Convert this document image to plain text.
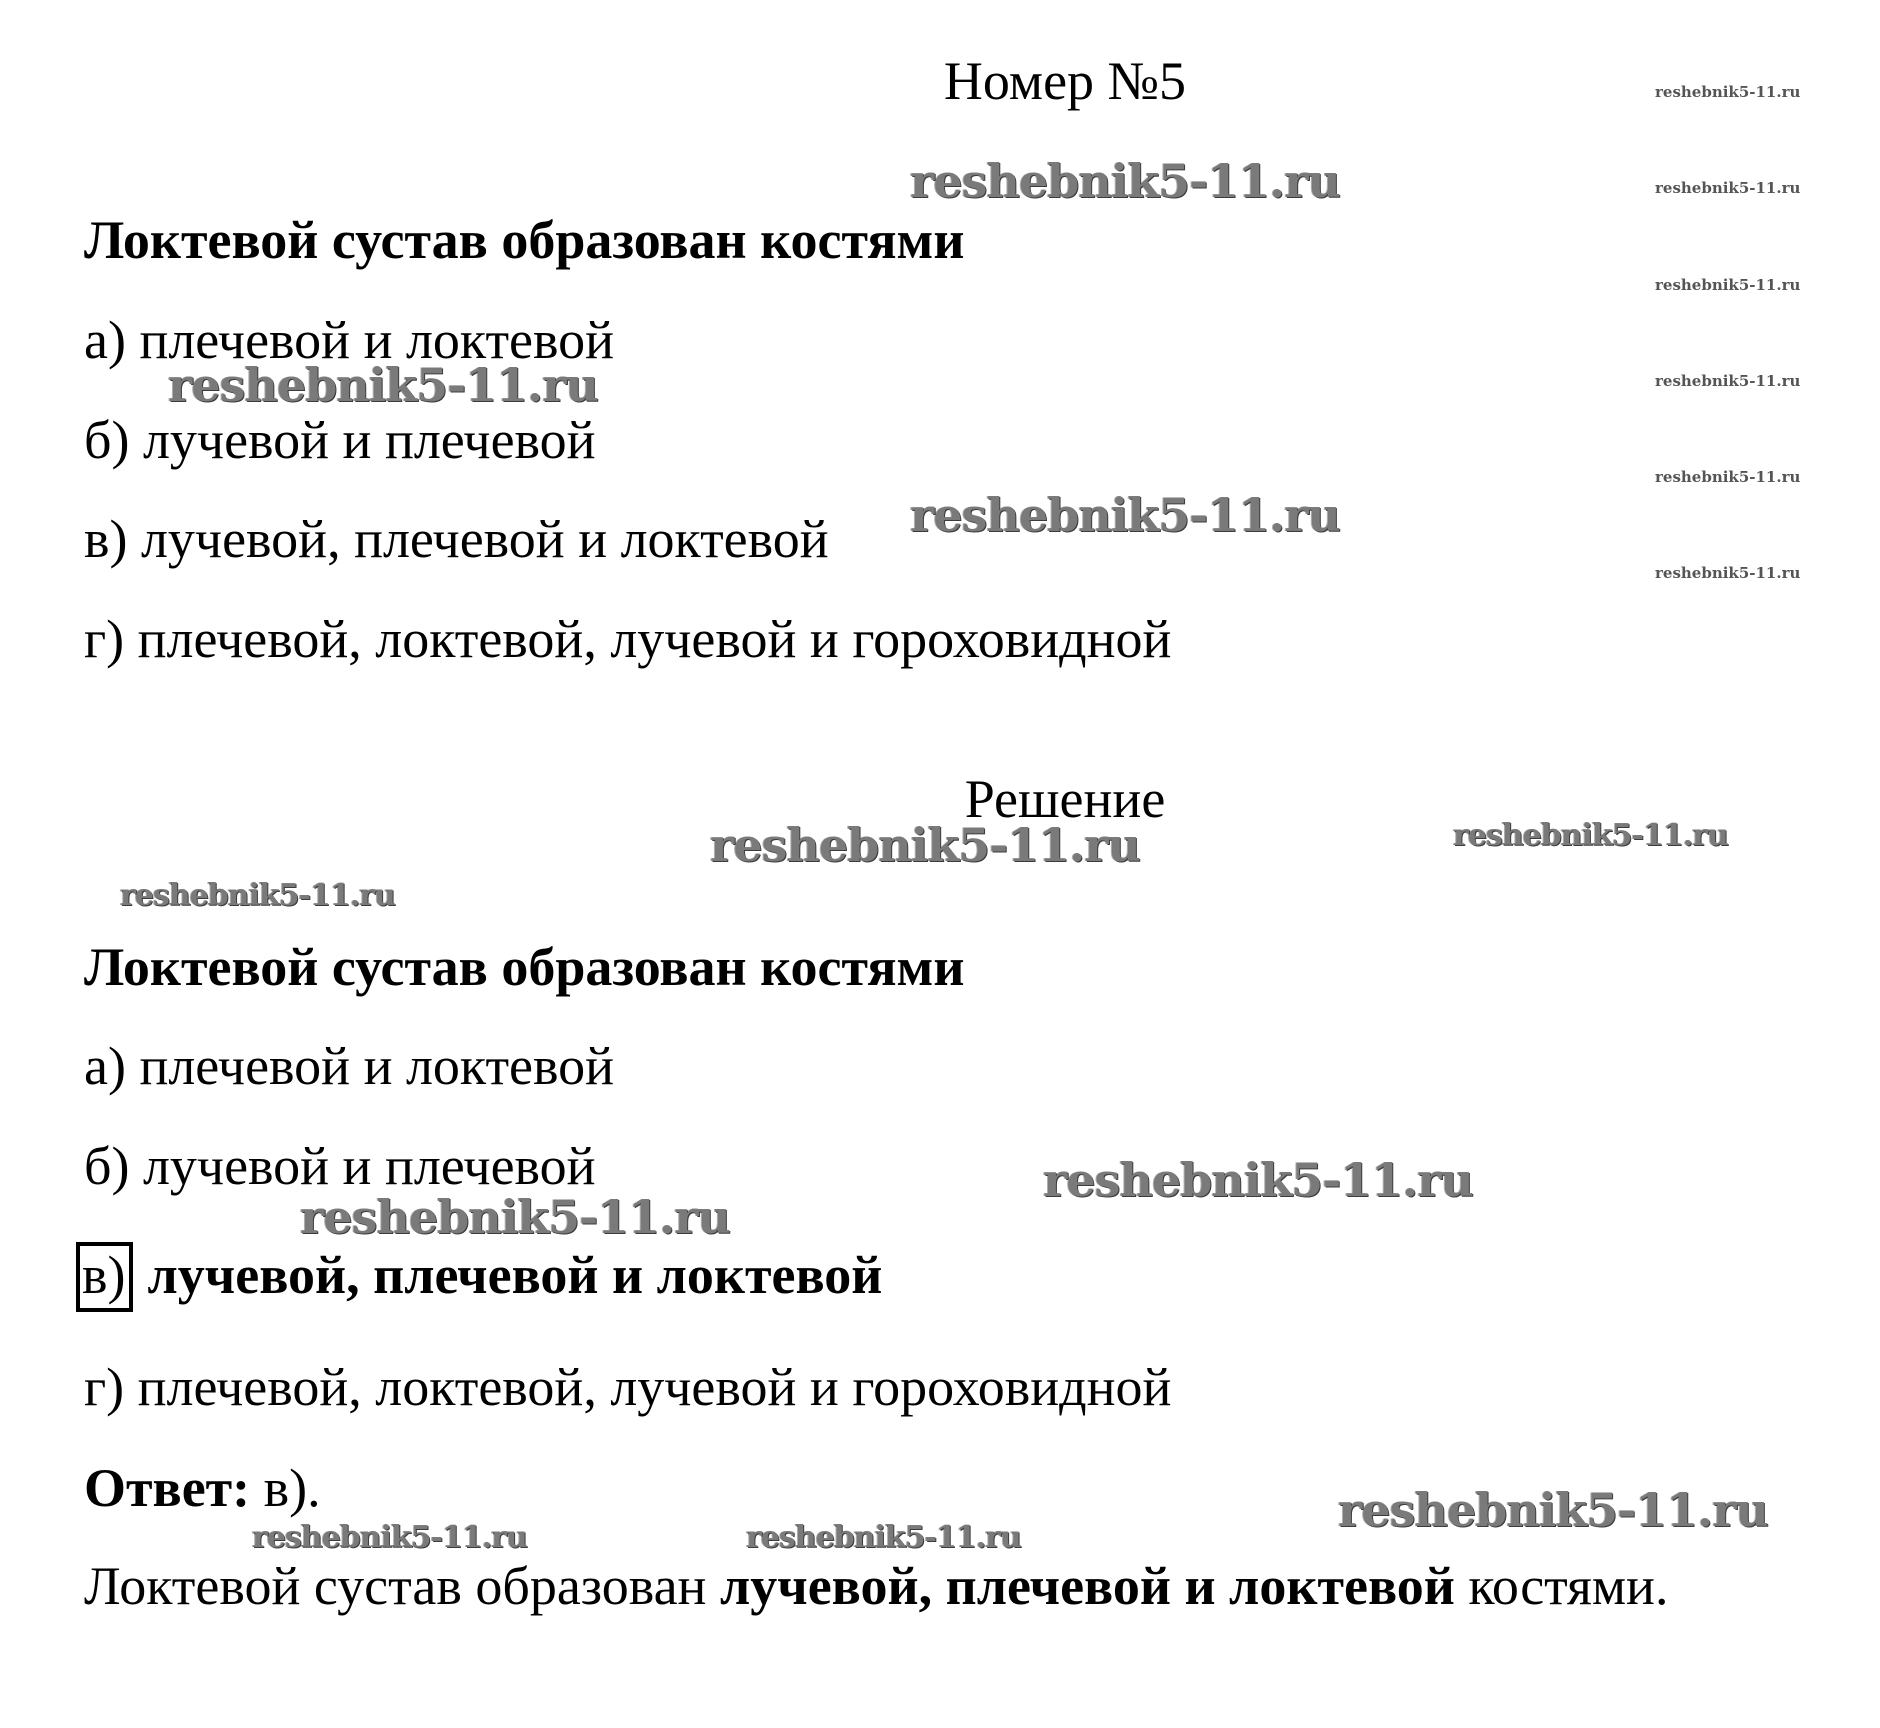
Номер №5
Локтевой сустав образован костями
а) плечевой и локтевой
б) лучевой и плечевой
в) лучевой, плечевой и локтевой
г) плечевой, локтевой, лучевой и гороховидной
Решение
Локтевой сустав образован костями
а) плечевой и локтевой
б) лучевой и плечевой
в) лучевой, плечевой и локтевой
г) плечевой, локтевой, лучевой и гороховидной
Ответ: в).
Локтевой сустав образован лучевой, плечевой и локтевой костями.
reshebnik5-11.ru
reshebnik5-11.ru
reshebnik5-11.ru
reshebnik5-11.ru	reshebnik5-11.ru
reshebnik5-11.ru
reshebnik5-11.ru
reshebnik5-11.ru
reshebnik5-11.ru
reshebnik5-11.ru	reshebnik5-11.ru
reshebnik5-11.ru
reshebnik5-11.ru
reshebnik5-11.ru
reshebnik5-11.ru
reshebnik5-11.ru
reshebnik5-11.ru
